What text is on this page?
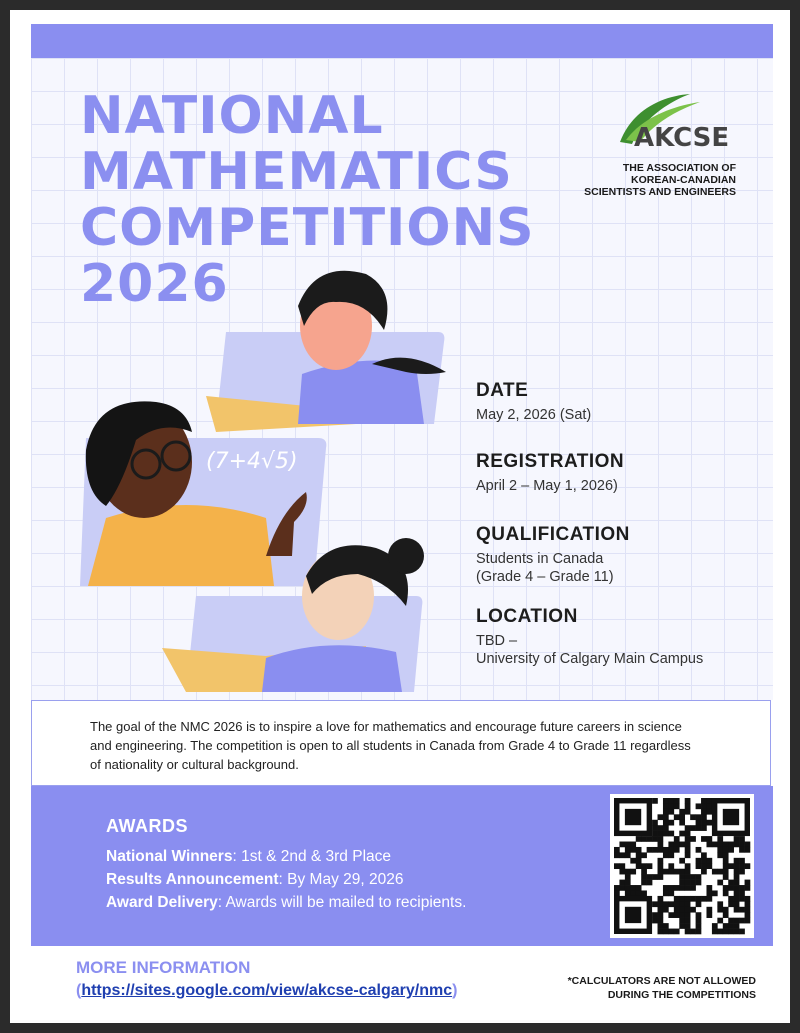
NATIONAL
MATHEMATICS
COMPETITIONS
2026
AKCSE
THE ASSOCIATION OF
KOREAN-CANADIAN
SCIENTISTS AND ENGINEERS
(7+4√5)
DATE

May 2, 2026 (Sat)

REGISTRATION

April 2 – May 1, 2026)

QUALIFICATION

Students in Canada
(Grade 4 – Grade 11)

LOCATION

TBD –
University of Calgary Main Campus

The goal of the NMC 2026 is to inspire a love for mathematics and encourage future careers in science and engineering. The competition is open to all students in Canada from Grade 4 to Grade 11 regardless of nationality or cultural background.

AWARDS
National Winners: 1st & 2nd & 3rd Place
Results Announcement: By May 29, 2026
Award Delivery: Awards will be mailed to recipients.
MORE INFORMATION
(https://sites.google.com/view/akcse-calgary/nmc)
*CALCULATORS ARE NOT ALLOWED
DURING THE COMPETITIONS
